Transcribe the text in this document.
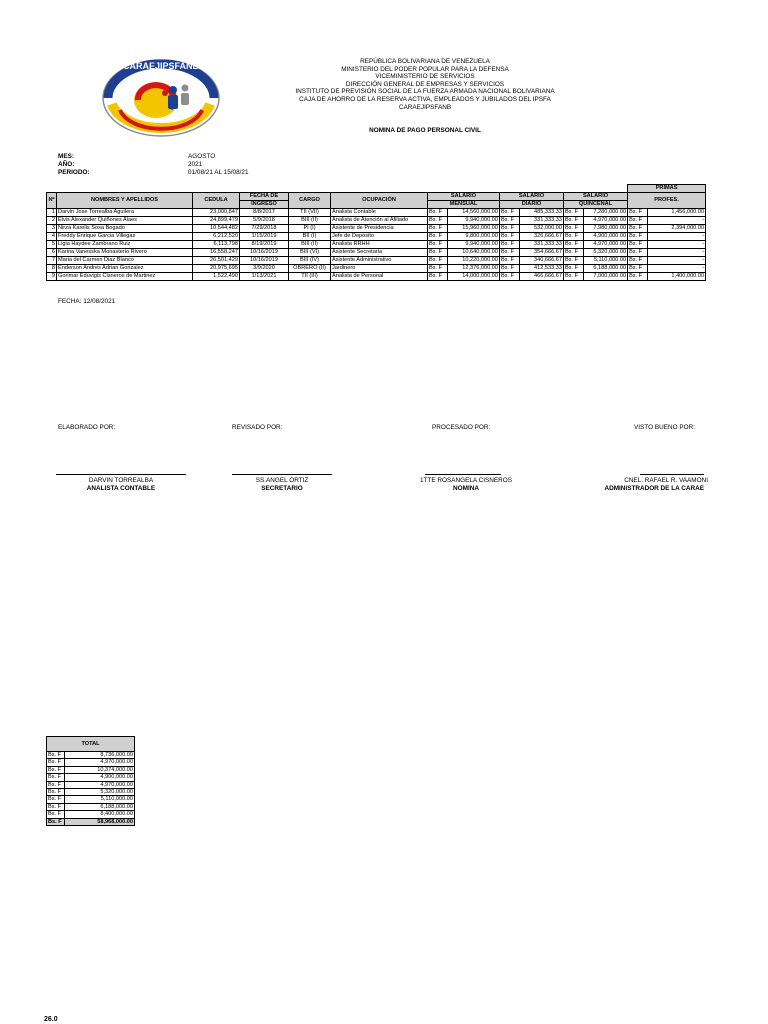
CARAEJIPSFANB	REPÚBLICA BOLIVARIANA DE VENEZUELA
MINISTERIO DEL PODER POPULAR PARA LA DEFENSA
VICEMINISTERIO DE SERVICIOS
DIRECCIÓN GENERAL DE EMPRESAS Y SERVICIOS
INSTITUTO DE PREVISIÓN SOCIAL DE LA FUERZA ARMADA NACIONAL BOLIVARIANA
CAJA DE AHORRO DE LA RESERVA ACTIVA, EMPLEADOS Y JUBILADOS DEL IPSFA
CARAEJIPSFANB
NOMINA DE PAGO PERSONAL CIVIL
MES:	AGOSTO
AÑO:	2021
PERIODO:	01/08/21 AL 15/08/21
												PRIMAS	
Nº	NOMBRES Y APELLIDOS	CEDULA	FECHA DE	CARGO	OCUPACIÓN	SALARIO		SALARIO		SALARIO		PROFES.	
			INGRESO			MENSUAL		DIARIO		QUINCENAL			
1	Darvin Jose Torrealba Aguilera	23,000,847	8/8/2017	TII (VII)	Analista Contable	Bs. F	14,560,000.00	Bs. F	485,333.33	Bs. F	7,280,000.00	Bs. F	1,456,000.00
2	Elvis Alexander Quiñones Alaes	24,899,479	5/9/2018	BIII (II)	Analista de Atención al Afiliado	Bs. F	9,940,000.00	Bs. F	331,333.33	Bs. F	4,970,000.00	Bs. F	-
3	Nirza Karelis Sosa Bogado	10,544,482	7/29/2018	PI (I)	Asistente de Presidencia	Bs. F	15,960,000.00	Bs. F	532,000.00	Bs. F	7,980,000.00	Bs. F	2,394,000.00
4	Freddy Enrique Garcia Villegas	6,212,520	1/15/2019	BII (I)	Jefe de Deposito	Bs. F	9,800,000.00	Bs. F	326,666.67	Bs. F	4,900,000.00	Bs. F	-
5	Ligia Haydee Zambrano Ruiz	6,113,798	8/19/2019	BIII (II)	Analista RRHH	Bs. F	9,940,000.00	Bs. F	331,333.33	Bs. F	4,970,000.00	Bs. F	-
6	Karina Vanesska Monasterio Rivero	16,558,247	10/16/2019	BIII (VI)	Asistente Secretaria	Bs. F	10,640,000.00	Bs. F	354,666.67	Bs. F	5,320,000.00	Bs. F	-
7	Maria del Carmen Diaz Blanco	26,501,429	10/16/2019	BIII (IV)	Asistente Administrativo	Bs. F	10,220,000.00	Bs. F	340,666.67	Bs. F	5,110,000.00	Bs. F	-
8	Enderson Andres Adrian Gonzalez	20,975,695	3/9/2020	OBRERO (II)	Jardinero	Bs. F	12,376,000.00	Bs. F	412,533.33	Bs. F	6,188,000.00	Bs. F	-
9	Gorimar Eduvigis Cisneros de Martinez	1,522,490	1/13/2021	TII (III)	Analista de Personal	Bs. F	14,000,000.00	Bs. F	466,666.67	Bs. F	7,000,000.00	Bs. F	1,400,000.00
FECHA: 12/08/2021
ELABORADO POR:	REVISADO POR:	PROCESADO POR:	VISTO BUENO POR:
DARVIN TORREALBA
ANALISTA CONTABLE
SS.ANGEL ORTIZ
SECRETARIO
1TTE ROSANGELA CISNEROS
NOMINA
CNEL. RAFAEL R. VAAMONI
ADMINISTRADOR DE LA CARAE
TOTAL	
Bs. F	8,736,000.00
Bs. F	4,970,000.00
Bs. F	10,374,000.00
Bs. F	4,900,000.00
Bs. F	4,970,000.00
Bs. F	5,320,000.00
Bs. F	5,110,000.00
Bs. F	6,188,000.00
Bs. F	8,400,000.00
Bs. F	58,968,000.00
26.0
